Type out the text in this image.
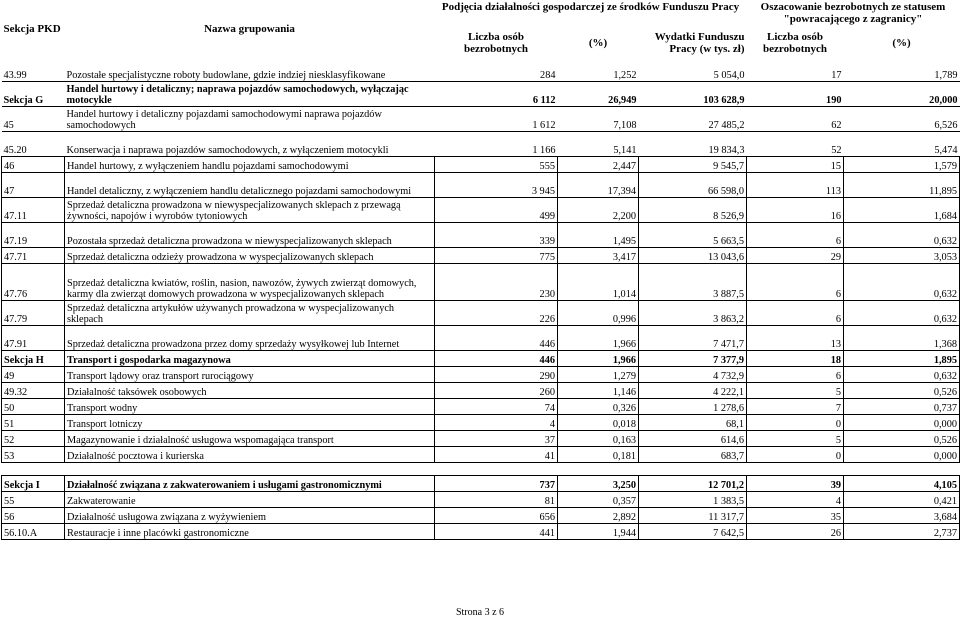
Sekcja PKD	Nazwa grupowania	Podjęcia działalności gospodarczej ze środków Funduszu Pracy			Oszacowanie bezrobotnych ze statusem "powracającego z zagranicy"	
		Liczba osób bezrobotnych	(%)	Wydatki Funduszu Pracy (w tys. zł)	Liczba osób bezrobotnych	(%)
43.99	Pozostałe specjalistyczne roboty budowlane, gdzie indziej niesklasyfikowane	284	1,252	5 054,0	17	1,789
Sekcja G	Handel hurtowy i detaliczny; naprawa pojazdów samochodowych, wyłączając motocykle	6 112	26,949	103 628,9	190	20,000
45	Handel hurtowy i detaliczny pojazdami samochodowymi naprawa pojazdów samochodowych	1 612	7,108	27 485,2	62	6,526
45.20	Konserwacja i naprawa pojazdów samochodowych, z wyłączeniem motocykli	1 166	5,141	19 834,3	52	5,474
46	Handel hurtowy, z wyłączeniem handlu pojazdami samochodowymi	555	2,447	9 545,7	15	1,579
47	Handel detaliczny, z wyłączeniem handlu detalicznego pojazdami samochodowymi	3 945	17,394	66 598,0	113	11,895
47.11	Sprzedaż detaliczna prowadzona w niewyspecjalizowanych sklepach z przewagą żywności, napojów i wyrobów tytoniowych	499	2,200	8 526,9	16	1,684
47.19	Pozostała sprzedaż detaliczna prowadzona w niewyspecjalizowanych sklepach	339	1,495	5 663,5	6	0,632
47.71	Sprzedaż detaliczna odzieży prowadzona w wyspecjalizowanych sklepach	775	3,417	13 043,6	29	3,053
47.76	Sprzedaż detaliczna kwiatów, roślin, nasion, nawozów, żywych zwierząt domowych, karmy dla zwierząt domowych prowadzona w wyspecjalizowanych sklepach	230	1,014	3 887,5	6	0,632
47.79	Sprzedaż detaliczna artykułów używanych prowadzona w wyspecjalizowanych sklepach	226	0,996	3 863,2	6	0,632
47.91	Sprzedaż detaliczna prowadzona przez domy sprzedaży wysyłkowej lub Internet	446	1,966	7 471,7	13	1,368
Sekcja H	Transport i gospodarka magazynowa	446	1,966	7 377,9	18	1,895
49	Transport lądowy oraz transport rurociągowy	290	1,279	4 732,9	6	0,632
49.32	Działalność taksówek osobowych	260	1,146	4 222,1	5	0,526
50	Transport wodny	74	0,326	1 278,6	7	0,737
51	Transport lotniczy	4	0,018	68,1	0	0,000
52	Magazynowanie i działalność usługowa wspomagająca transport	37	0,163	614,6	5	0,526
53	Działalność pocztowa i kurierska	41	0,181	683,7	0	0,000

Sekcja I	Działalność związana z zakwaterowaniem i usługami gastronomicznymi	737	3,250	12 701,2	39	4,105
55	Zakwaterowanie	81	0,357	1 383,5	4	0,421
56	Działalność usługowa związana z wyżywieniem	656	2,892	11 317,7	35	3,684
56.10.A	Restauracje i inne placówki gastronomiczne	441	1,944	7 642,5	26	2,737
Strona 3 z 6
